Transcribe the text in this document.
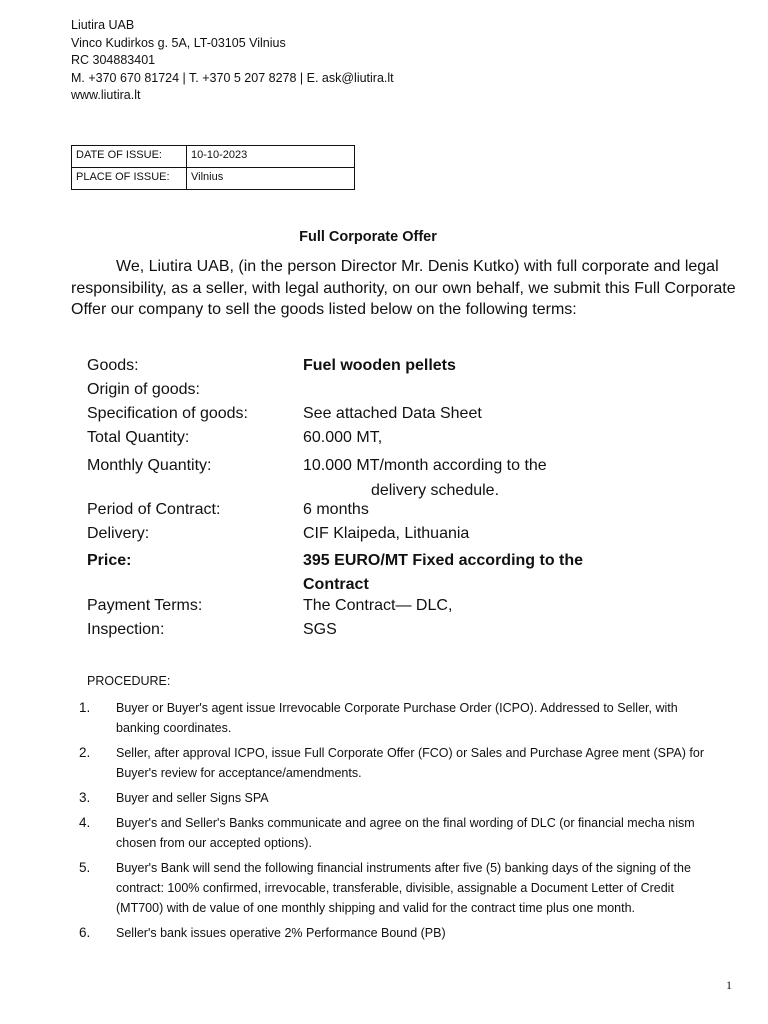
Liutira UAB
Vinco Kudirkos g. 5A, LT-03105 Vilnius
RC 304883401
M. +370 670 81724 | T. +370 5 207 8278 | E. ask@liutira.lt
www.liutira.lt
DATE OF ISSUE:	10-10-2023
PLACE OF ISSUE:	Vilnius
Full Corporate Offer
We, Liutira UAB, (in the person Director Mr. Denis Kutko) with full corporate and legal responsibility, as a seller, with legal authority, on our own behalf, we submit this Full Corporate Offer our company to sell the goods listed below on the following terms:
Goods:	Fuel wooden pellets
Origin of goods:
Specification of goods:	See attached Data Sheet
Total Quantity:	60.000 MT,
Monthly Quantity:	10.000 MT/month according to the
delivery schedule.
Period of Contract:	6 months
Delivery:	CIF Klaipeda, Lithuania
Price:	395 EURO/MT Fixed according to the
Contract
Payment Terms:	The Contract— DLC,
Inspection:	SGS
PROCEDURE:
1.	Buyer or Buyer's agent issue Irrevocable Corporate Purchase Order (ICPO). Addressed to Seller, with banking coordinates.
2.	Seller, after approval ICPO, issue Full Corporate Offer (FCO) or Sales and Purchase Agree ment (SPA) for Buyer's review for acceptance/amendments.
3.	Buyer and seller Signs SPA
4.	Buyer's and Seller's Banks communicate and agree on the final wording of DLC (or financial mecha nism chosen from our accepted options).
5.	Buyer's Bank will send the following financial instruments after five (5) banking days of the signing of the contract: 100% confirmed, irrevocable, transferable, divisible, assignable a Document Letter of Credit (MT700) with de value of one monthly shipping and valid for the contract time plus one month.
6.	Seller's bank issues operative 2% Performance Bound (PB)
1
